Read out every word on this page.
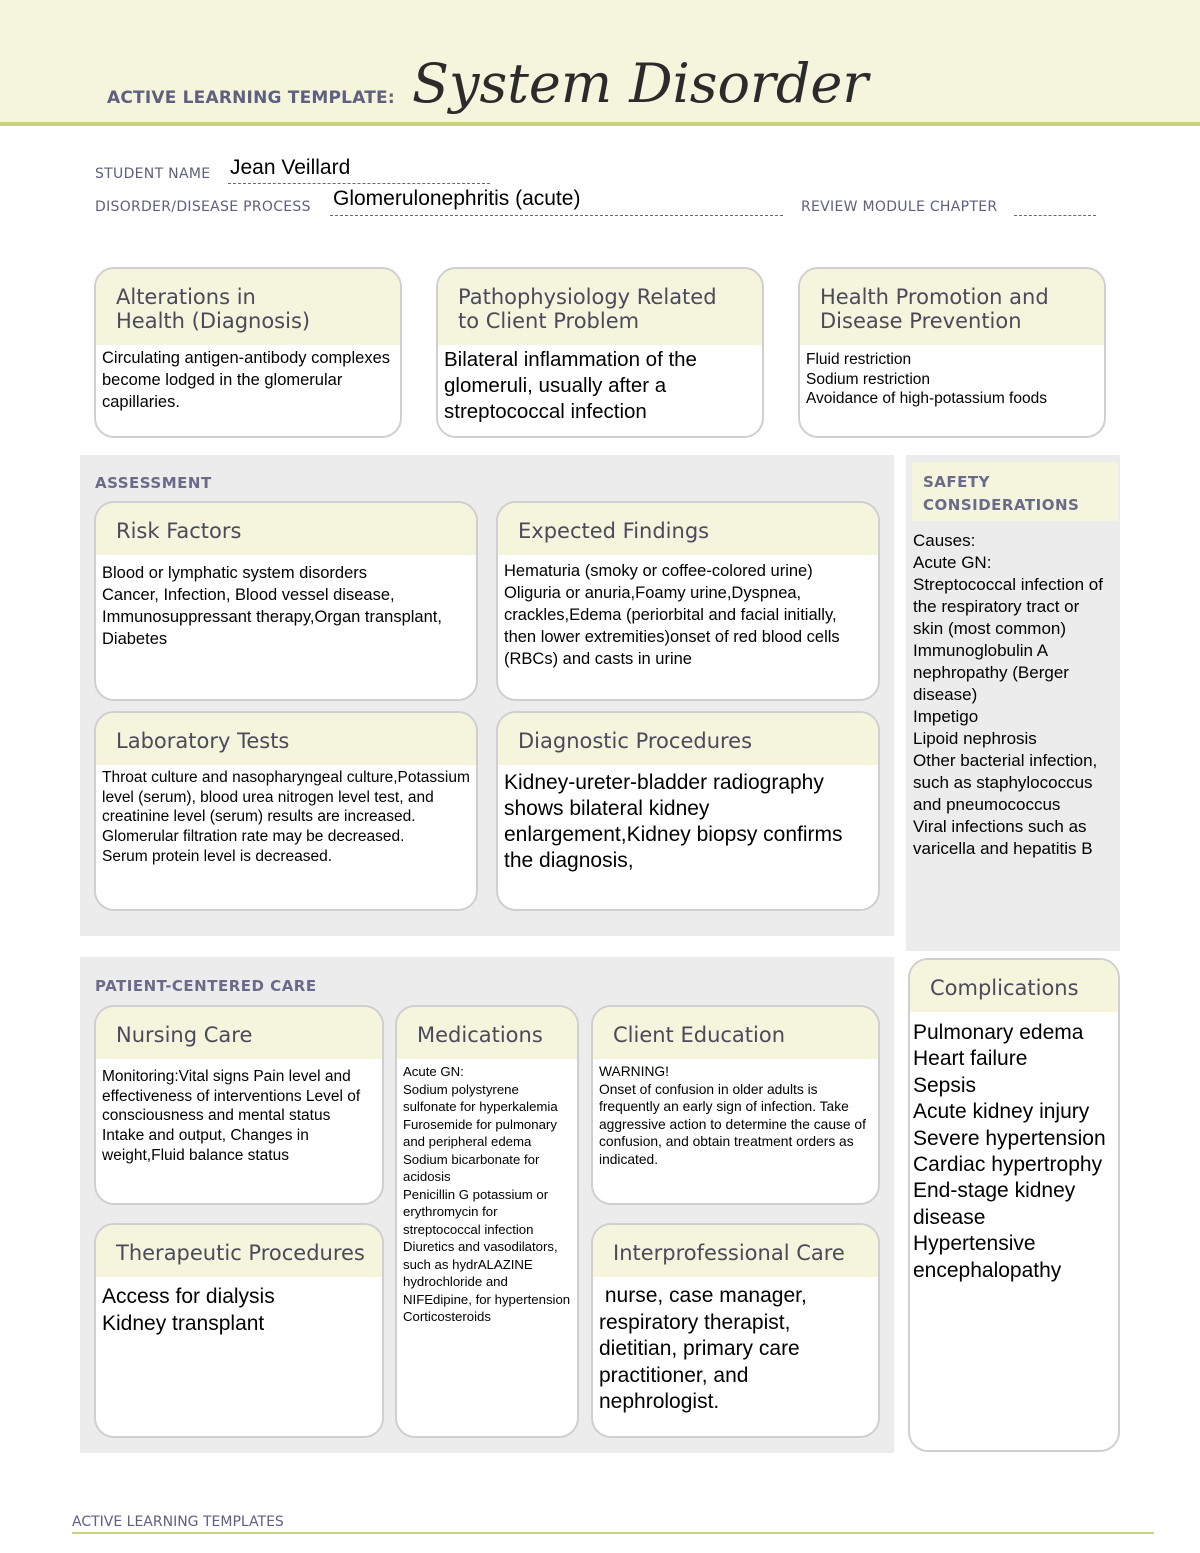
ACTIVE LEARNING TEMPLATE: System Disorder
STUDENT NAME Jean Veillard
DISORDER/DISEASE PROCESS Glomerulonephritis (acute)	REVIEW MODULE CHAPTER
Alterations in
Health (Diagnosis)
Circulating antigen-antibody complexes become lodged in the glomerular capillaries.
Pathophysiology Related
to Client Problem
Bilateral inflammation of the glomeruli, usually after a streptococcal infection
Health Promotion and
Disease Prevention
Fluid restriction
Sodium restriction
Avoidance of high-potassium foods
ASSESSMENT
Risk Factors
Blood or lymphatic system disorders
Cancer, Infection, Blood vessel disease, Immunosuppressant therapy,Organ transplant, Diabetes
Expected Findings
Hematuria (smoky or coffee-colored urine) Oliguria or anuria,Foamy urine,Dyspnea, crackles,Edema (periorbital and facial initially, then lower extremities)onset of red blood cells (RBCs) and casts in urine
Laboratory Tests
Throat culture and nasopharyngeal culture,Potassium level (serum), blood urea nitrogen level test, and creatinine level (serum) results are increased.
Glomerular filtration rate may be decreased.
Serum protein level is decreased.
Diagnostic Procedures
Kidney-ureter-bladder radiography shows bilateral kidney enlargement,Kidney biopsy confirms the diagnosis,
SAFETY
CONSIDERATIONS
Causes:
Acute GN:
Streptococcal infection of the respiratory tract or skin (most common)
Immunoglobulin A nephropathy (Berger disease)
Impetigo
Lipoid nephrosis
Other bacterial infection, such as staphylococcus and pneumococcus
Viral infections such as varicella and hepatitis B
PATIENT-CENTERED CARE
Nursing Care
Monitoring:Vital signs Pain level and effectiveness of interventions Level of consciousness and mental status Intake and output, Changes in weight,Fluid balance status
Medications
Acute GN:
Sodium polystyrene sulfonate for hyperkalemia
Furosemide for pulmonary and peripheral edema
Sodium bicarbonate for acidosis
Penicillin G potassium or erythromycin for streptococcal infection
Diuretics and vasodilators, such as hydrALAZINE hydrochloride and NIFEdipine, for hypertension
Corticosteroids
Client Education
WARNING!
Onset of confusion in older adults is frequently an early sign of infection. Take aggressive action to determine the cause of confusion, and obtain treatment orders as indicated.
Therapeutic Procedures
Access for dialysis
Kidney transplant
Interprofessional Care
nurse, case manager, respiratory therapist, dietitian, primary care practitioner, and nephrologist.
Complications
Pulmonary edema
Heart failure
Sepsis
Acute kidney injury
Severe hypertension
Cardiac hypertrophy
End-stage kidney disease
Hypertensive encephalopathy
ACTIVE LEARNING TEMPLATES
